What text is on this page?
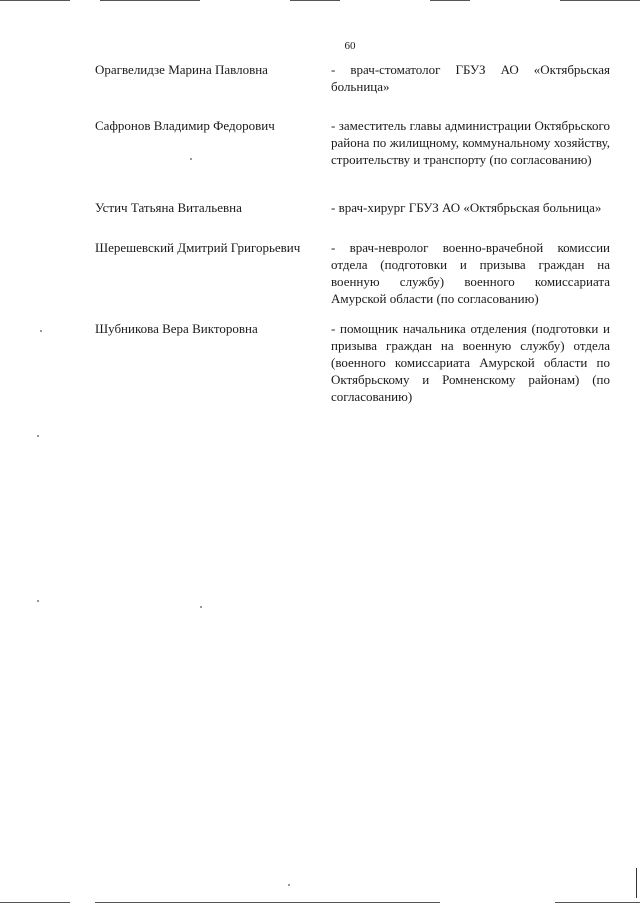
60
Орагвелидзе Марина Павловна	- врач-стоматолог ГБУЗ АО «Октябрьская больница»
Сафронов Владимир Федорович	- заместитель главы администрации Октябрьского района по жилищному, коммунальному хозяйству, строительству и транспорту (по согласованию)
Устич Татьяна Витальевна	- врач-хирург ГБУЗ АО «Октябрьская больница»
Шерешевский Дмитрий Григорьевич - врач-невролог военно-врачебной комиссии отдела (подготовки и призыва граждан на военную службу) военного комиссариата Амурской области (по согласованию)
Шубникова Вера Викторовна	- помощник начальника отделения (подготовки и призыва граждан на военную службу) отдела (военного комиссариата Амурской области по Октябрьскому и Ромненскому районам) (по согласованию)
